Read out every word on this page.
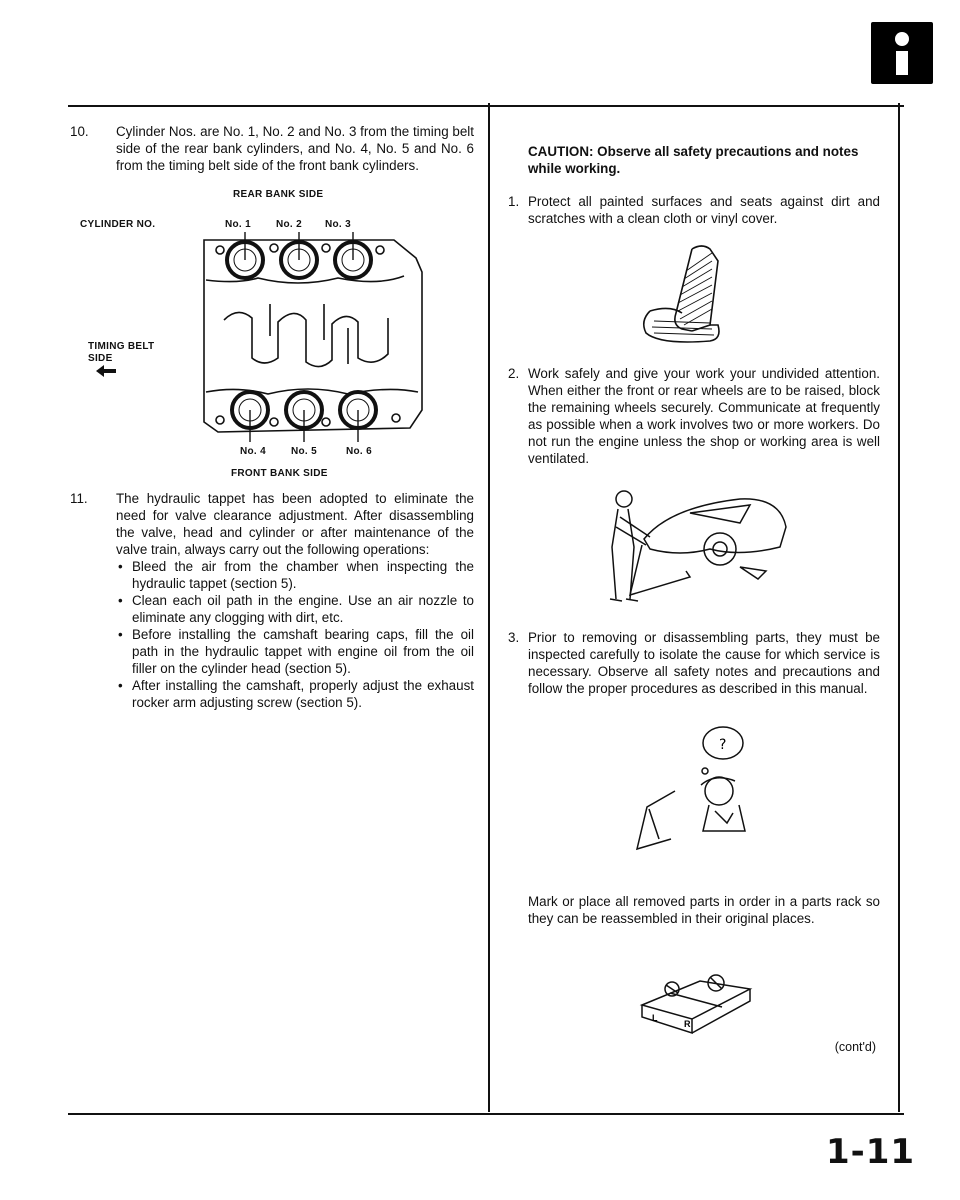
10. Cylinder Nos. are No. 1, No. 2 and No. 3 from the timing belt side of the rear bank cylinders, and No. 4, No. 5 and No. 6 from the timing belt side of the front bank cylinders.
REAR BANK SIDE
CYLINDER NO.	No. 1	No. 2 No. 3
TIMING BELT
SIDE
No. 4	No. 5	No. 6
FRONT BANK SIDE
11. The hydraulic tappet has been adopted to eliminate the need for valve clearance adjustment. After disassembling the valve, head and cylinder or after maintenance of the valve train, always carry out the following operations:
• Bleed the air from the chamber when inspecting the hydraulic tappet (section 5).
• Clean each oil path in the engine. Use an air nozzle to eliminate any clogging with dirt, etc.
• Before installing the camshaft bearing caps, fill the oil path in the hydraulic tappet with engine oil from the oil filler on the cylinder head (section 5).
• After installing the camshaft, properly adjust the exhaust rocker arm adjusting screw (section 5).

CAUTION: Observe all safety precautions and notes while working.

1. Protect all painted surfaces and seats against dirt and scratches with a clean cloth or vinyl cover.
2. Work safely and give your work your undivided attention. When either the front or rear wheels are to be raised, block the remaining wheels securely. Communicate at frequently as possible when a work involves two or more workers. Do not run the engine unless the shop or working area is well ventilated.
3. Prior to removing or disassembling parts, they must be inspected carefully to isolate the cause for which service is necessary. Observe all safety notes and precautions and follow the proper procedures as described in this manual.
?
Mark or place all removed parts in order in a parts rack so they can be reassembled in their original places.
L
R
(cont'd)
1-11
